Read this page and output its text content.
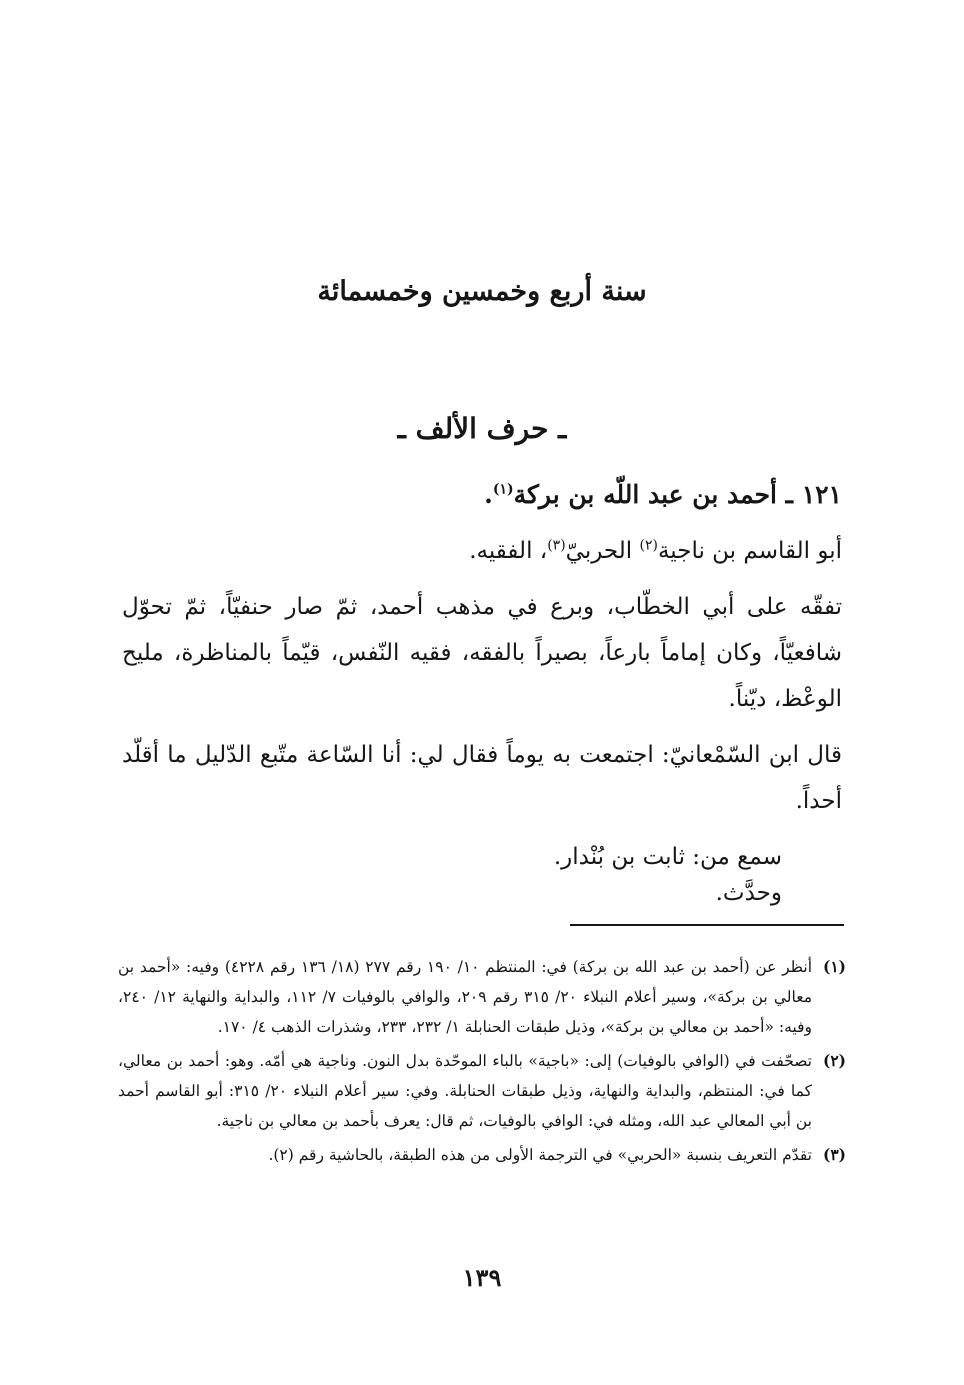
سنة أربع وخمسين وخمسمائة
ـ حرف الألف ـ

١٢١ ـ أحمد بن عبد اللّه بن بركة$^{(١)}$.

أبو القاسم بن ناجية$^{(٢)}$ الحربيّ$^{(٣)}$، الفقيه.

تفقّه على أبي الخطّاب، وبرع في مذهب أحمد، ثمّ صار حنفيّاً، ثمّ تحوّل شافعيّاً، وكان إماماً بارعاً، بصيراً بالفقه، فقيه النّفس، قيّماً بالمناظرة، مليح الوعْظ، ديّناً.

قال ابن السّمْعانيّ: اجتمعت به يوماً فقال لي: أنا السّاعة متّبع الدّليل ما أقلّد أحداً.

سمع من: ثابت بن بُنْدار.

وحدَّث.

(١)
أنظر عن (أحمد بن عبد الله بن بركة) في: المنتظم ١٠/ ١٩٠ رقم ٢٧٧ (١٨/ ١٣٦ رقم ٤٢٢٨) وفيه: «أحمد بن معالي بن بركة»، وسير أعلام النبلاء ٢٠/ ٣١٥ رقم ٢٠٩، والوافي بالوفيات ٧/ ١١٢، والبداية والنهاية ١٢/ ٢٤٠، وفيه: «أحمد بن معالي بن بركة»، وذيل طبقات الحنابلة ١/ ٢٣٢، ٢٣٣، وشذرات الذهب ٤/ ١٧٠.
(٢)
تصحّفت في (الوافي بالوفيات) إلى: «باجية» بالباء الموحّدة بدل النون. وناجية هي أمّه. وهو: أحمد بن معالي، كما في: المنتظم، والبداية والنهاية، وذيل طبقات الحنابلة. وفي: سير أعلام النبلاء ٢٠/ ٣١٥: أبو القاسم أحمد بن أبي المعالي عبد الله، ومثله في: الوافي بالوفيات، ثم قال: يعرف بأحمد بن معالي بن ناجية.
(٣)
تقدّم التعريف بنسبة «الحربي» في الترجمة الأولى من هذه الطبقة، بالحاشية رقم (٢).
١٣٩
